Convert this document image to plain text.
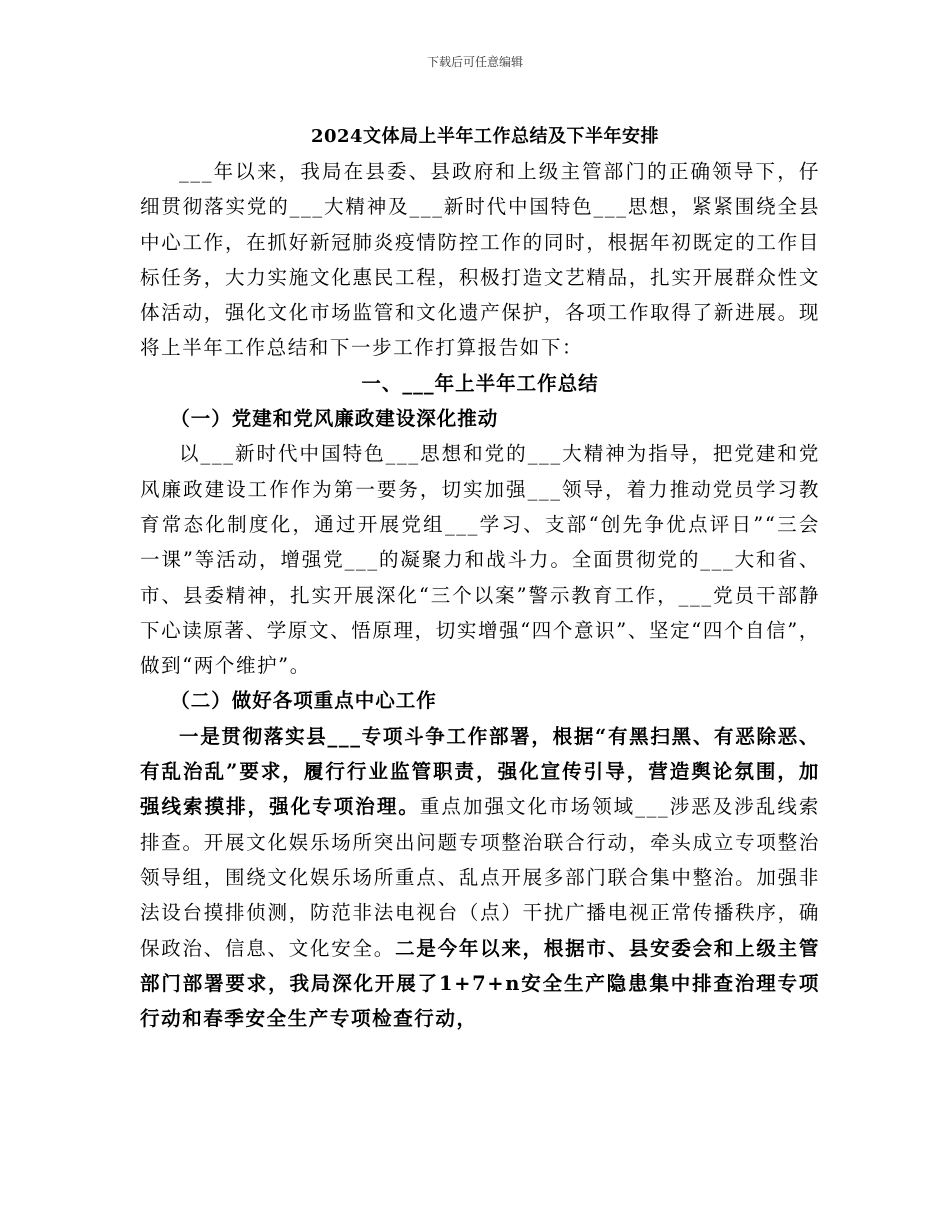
下载后可任意编辑
2024文体局上半年工作总结及下半年安排

___年以来，我局在县委、县政府和上级主管部门的正确领导下，仔细贯彻落实党的___大精神及___新时代中国特色___思想，紧紧围绕全县中心工作，在抓好新冠肺炎疫情防控工作的同时，根据年初既定的工作目标任务，大力实施文化惠民工程，积极打造文艺精品，扎实开展群众性文体活动，强化文化市场监管和文化遗产保护，各项工作取得了新进展。现将上半年工作总结和下一步工作打算报告如下：

一、___年上半年工作总结

（一）党建和党风廉政建设深化推动

以___新时代中国特色___思想和党的___大精神为指导，把党建和党风廉政建设工作作为第一要务，切实加强___领导，着力推动党员学习教育常态化制度化，通过开展党组___学习、支部“创先争优点评日”“三会一课”等活动，增强党___的凝聚力和战斗力。全面贯彻党的___大和省、市、县委精神，扎实开展深化“三个以案”警示教育工作，___党员干部静下心读原著、学原文、悟原理，切实增强“四个意识”、坚定“四个自信”，做到“两个维护”。

（二）做好各项重点中心工作

一是贯彻落实县___专项斗争工作部署，根据“有黑扫黑、有恶除恶、有乱治乱”要求，履行行业监管职责，强化宣传引导，营造舆论氛围，加强线索摸排，强化专项治理。重点加强文化市场领域___涉恶及涉乱线索排查。开展文化娱乐场所突出问题专项整治联合行动，牵头成立专项整治领导组，围绕文化娱乐场所重点、乱点开展多部门联合集中整治。加强非法设台摸排侦测，防范非法电视台（点）干扰广播电视正常传播秩序，确保政治、信息、文化安全。二是今年以来，根据市、县安委会和上级主管部门部署要求，我局深化开展了1+7+n安全生产隐患集中排查治理专项行动和春季安全生产专项检查行动，
